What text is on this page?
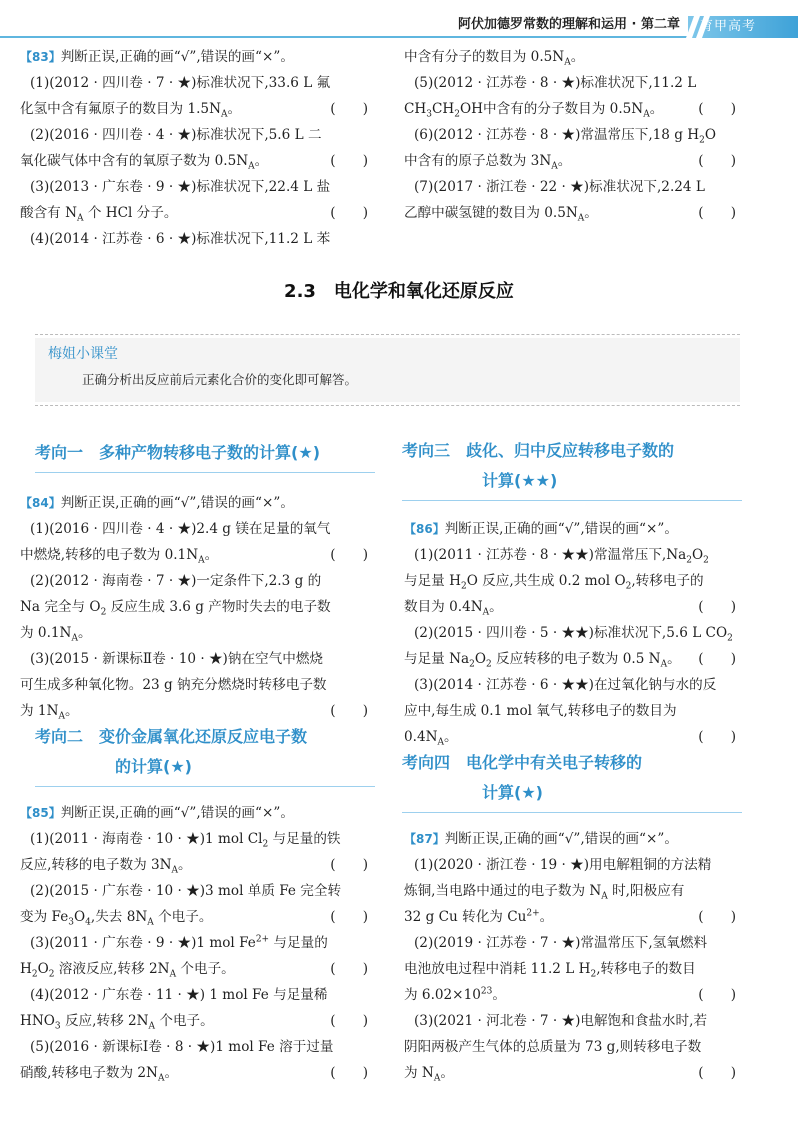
阿伏加德罗常数的理解和运用 · 第二章 育甲高考
【83】判断正误,正确的画“√”,错误的画“×”。
(1)(2012 · 四川卷 · 7 · ★)标准状况下,33.6 L 氟
化氢中含有氟原子的数目为 $1.5N_A$。	(　　)
(2)(2016 · 四川卷 · 4 · ★)标准状况下,5.6 L 二
氧化碳气体中含有的氧原子数为 $0.5N_A$。	(　　)
(3)(2013 · 广东卷 · 9 · ★)标准状况下,22.4 L 盐
酸含有 $N_A$ 个 HCl 分子。	(　　)
(4)(2014 · 江苏卷 · 6 · ★)标准状况下,11.2 L 苯
中含有分子的数目为 $0.5N_A$。
(5)(2012 · 江苏卷 · 8 · ★)标准状况下,11.2 L
$CH_3CH_2OH$中含有的分子数目为 $0.5N_A$。	(　　)
(6)(2012 · 江苏卷 · 8 · ★)常温常压下,18 g $H_2O$
中含有的原子总数为 $3N_A$。	(　　)
(7)(2017 · 浙江卷 · 22 · ★)标准状况下,2.24 L
乙醇中碳氢键的数目为 $0.5N_A$。	(　　)
2.3　电化学和氧化还原反应
梅姐小课堂
正确分析出反应前后元素化合价的变化即可解答。
考向一　 多种产物转移电子数的计算(★)
【84】判断正误,正确的画“√”,错误的画“×”。
(1)(2016 · 四川卷 · 4 · ★)2.4 g 镁在足量的氧气
中燃烧,转移的电子数为 $0.1N_A$。	(　　)
(2)(2012 · 海南卷 · 7 · ★)一定条件下,2.3 g 的
Na 完全与 $O_2$ 反应生成 3.6 g 产物时失去的电子数
为 $0.1N_A$。
(3)(2015 · 新课标Ⅱ卷 · 10 · ★)钠在空气中燃烧
可生成多种氧化物。23 g 钠充分燃烧时转移电子数
为 $1N_A$。	(　　)
考向二　 变价金属氧化还原反应电子数
的计算(★)
【85】判断正误,正确的画“√”,错误的画“×”。
(1)(2011 · 海南卷 · 10 · ★)1 mol $Cl_2$ 与足量的铁
反应,转移的电子数为 $3N_A$。	(　　)
(2)(2015 · 广东卷 · 10 · ★)3 mol 单质 Fe 完全转
变为 $Fe_3O_4$,失去 $8N_A$ 个电子。	(　　)
(3)(2011 · 广东卷 · 9 · ★)1 mol $Fe^{2+}$ 与足量的
$H_2O_2$ 溶液反应,转移 $2N_A$ 个电子。	(　　)
(4)(2012 · 广东卷 · 11 · ★) 1 mol Fe 与足量稀
$HNO_3$ 反应,转移 $2N_A$ 个电子。	(　　)
(5)(2016 · 新课标Ⅰ卷 · 8 · ★)1 mol Fe 溶于过量
硝酸,转移电子数为 $2N_A$。	(　　)
考向三　 歧化、归中反应转移电子数的
计算(★★)
【86】判断正误,正确的画“√”,错误的画“×”。
(1)(2011 · 江苏卷 · 8 · ★★)常温常压下$,Na_2O_2$
与足量 $H_2O$ 反应,共生成 0.2 mol $O_2$,转移电子的
数目为 $0.4N_A$。	(　　)
(2)(2015 · 四川卷 · 5 · ★★)标准状况下,5.6 L $CO_2$
与足量 $Na_2O_2$ 反应转移的电子数为 0.5 $N_A$。 (　　)
(3)(2014 · 江苏卷 · 6 · ★★)在过氧化钠与水的反
应中,每生成 0.1 mol 氧气,转移电子的数目为
$0.4N_A$。	(　　)
考向四　 电化学中有关电子转移的
计算(★)
【87】判断正误,正确的画“√”,错误的画“×”。
(1)(2020 · 浙江卷 · 19 · ★)用电解粗铜的方法精
炼铜,当电路中通过的电子数为 $N_A$ 时,阳极应有
32 g Cu 转化为 $Cu^{2+}$。	(　　)
(2)(2019 · 江苏卷 · 7 · ★)常温常压下,氢氧燃料
电池放电过程中消耗 11.2 L $H_2$,转移电子的数目
为 $6.02\times 10^{23}$。	(　　)
(3)(2021 · 河北卷 · 7 · ★)电解饱和食盐水时,若
阴阳两极产生气体的总质量为 73 g,则转移电子数
为 $N_A$。	(　　)
